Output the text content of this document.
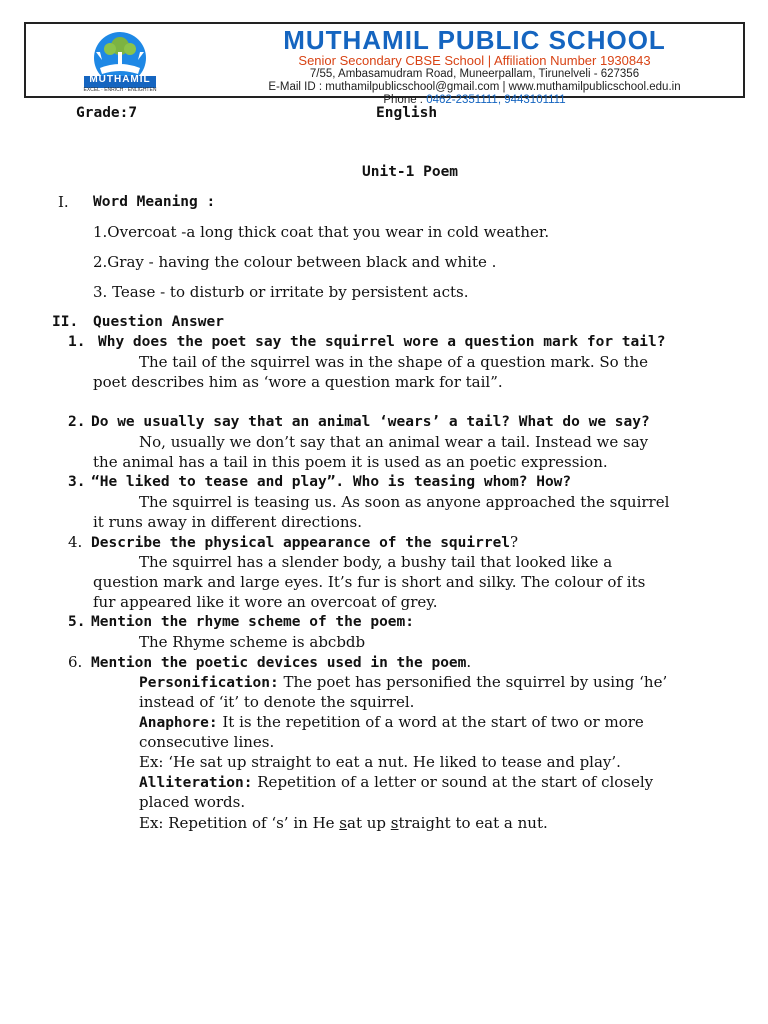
MUTHAMIL
EXCEL · ENRICH · ENLIGHTEN
MUTHAMIL PUBLIC SCHOOL
Senior Secondary CBSE School | Affiliation Number 1930843
7/55, Ambasamudram Road, Muneerpallam, Tirunelveli - 627356
E-Mail ID : muthamilpublicschool@gmail.com | www.muthamilpublicschool.edu.in
Phone : 0462-2351111, 9443101111
Grade:7	English
Unit-1 Poem
I. Word Meaning :
1.Overcoat -a long thick coat that you wear in cold weather.
2.Gray - having the colour between black and white .
3. Tease - to disturb or irritate by persistent acts.
II. Question Answer
1. Why does the poet say the squirrel wore a question mark for tail?
The tail of the squirrel was in the shape of a question mark. So the
poet describes him as ‘wore a question mark for tail”.
2. Do we usually say that an animal ‘wears’ a tail? What do we say?
No, usually we don’t say that an animal wear a tail. Instead we say
the animal has a tail in this poem it is used as an poetic expression.
3. “He liked to tease and play”. Who is teasing whom? How?
The squirrel is teasing us. As soon as anyone approached the squirrel
it runs away in different directions.
4. Describe the physical appearance of the squirrel?
The squirrel has a slender body, a bushy tail that looked like a
question mark and large eyes. It’s fur is short and silky. The colour of its
fur appeared like it wore an overcoat of grey.
5. Mention the rhyme scheme of the poem:
The Rhyme scheme is abcbdb
6. Mention the poetic devices used in the poem.
Personification: The poet has personified the squirrel by using ‘he’
instead of ‘it’ to denote the squirrel.
Anaphore: It is the repetition of a word at the start of two or more
consecutive lines.
Ex: ‘He sat up straight to eat a nut. He liked to tease and play’.
Alliteration: Repetition of a letter or sound at the start of closely
placed words.
Ex: Repetition of ‘s’ in He sat up straight to eat a nut.
